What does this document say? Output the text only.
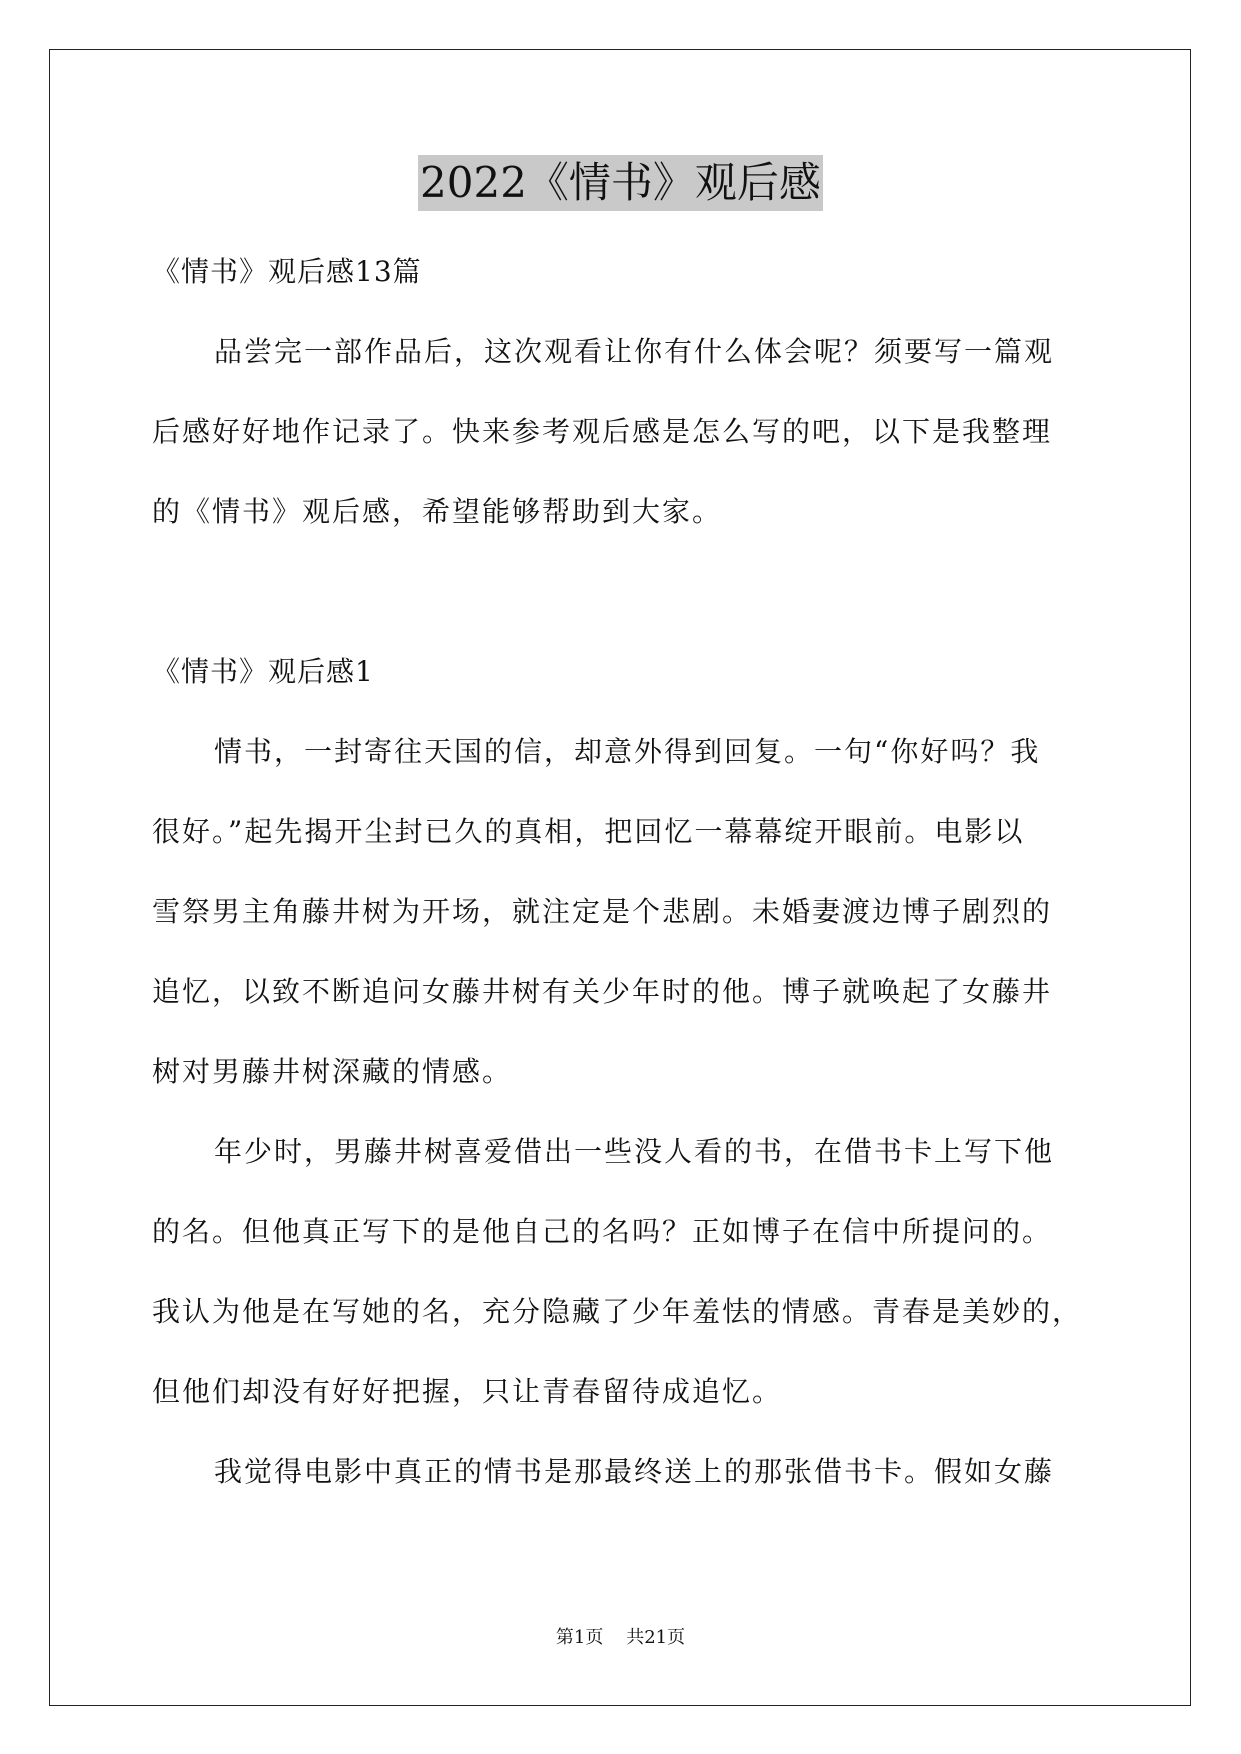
2022《情书》观后感
《情书》观后感13篇
品尝完一部作品后，这次观看让你有什么体会呢？须要写一篇观
后感好好地作记录了。快来参考观后感是怎么写的吧，以下是我整理
的《情书》观后感，希望能够帮助到大家。
《情书》观后感1
情书，一封寄往天国的信，却意外得到回复。一句“你好吗？我
很好。”起先揭开尘封已久的真相，把回忆一幕幕绽开眼前。电影以
雪祭男主角藤井树为开场，就注定是个悲剧。未婚妻渡边博子剧烈的
追忆，以致不断追问女藤井树有关少年时的他。博子就唤起了女藤井
树对男藤井树深藏的情感。
年少时，男藤井树喜爱借出一些没人看的书，在借书卡上写下他
的名。但他真正写下的是他自己的名吗？正如博子在信中所提问的。
我认为他是在写她的名，充分隐藏了少年羞怯的情感。青春是美妙的，
但他们却没有好好把握，只让青春留待成追忆。
我觉得电影中真正的情书是那最终送上的那张借书卡。假如女藤
第1页 共21页
